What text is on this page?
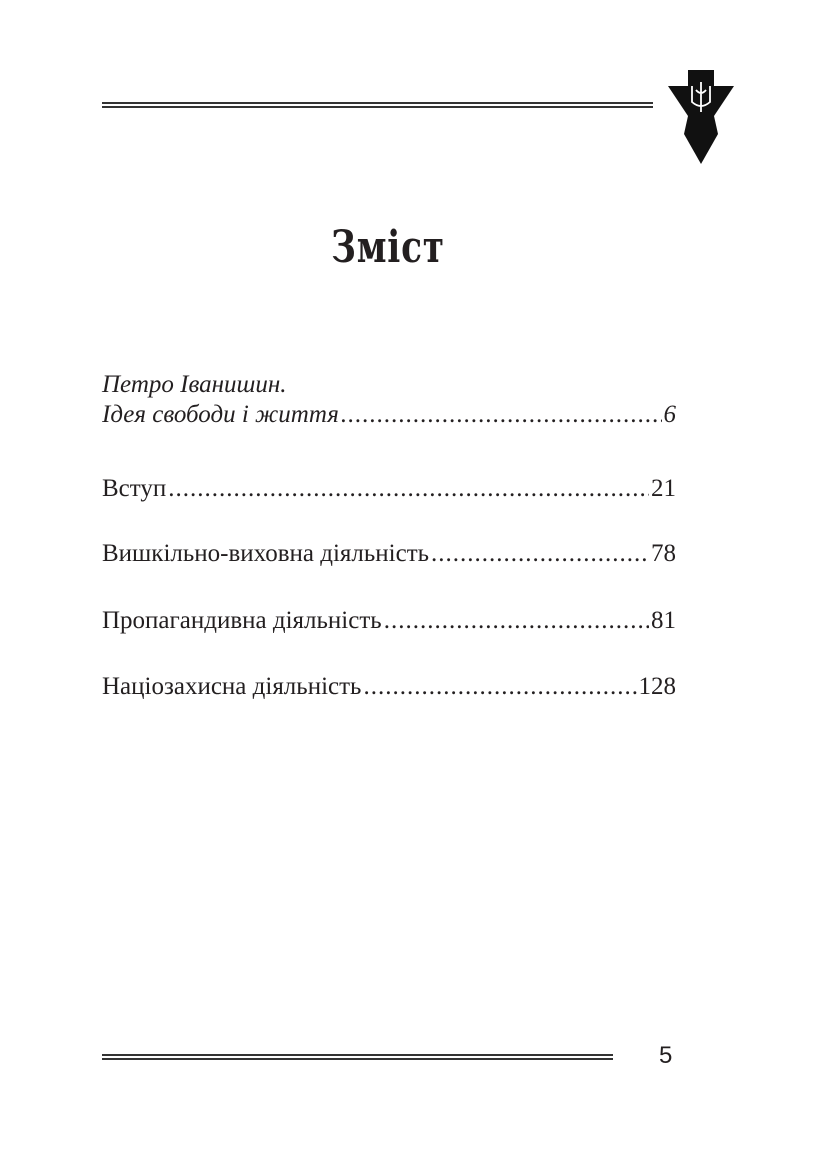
Зміст
Петро Іванишин.
Ідея свободи і життя .....	6
Вступ .....	21
Вишкільно-виховна діяльність .....	78
Пропагандивна діяльність .....	81
Націозахисна діяльність .....	128
5
